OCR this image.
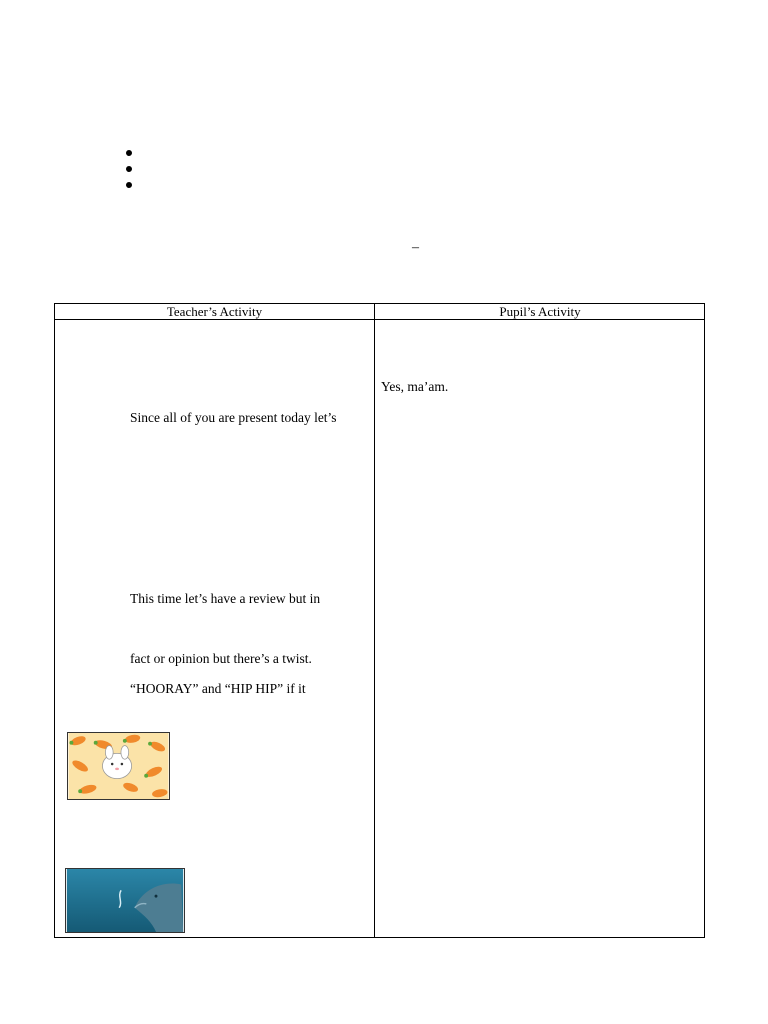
–
Teacher’s Activity	Pupil’s Activity
Since all of you are present today let’s
This time let’s have a review but in
fact or opinion but there’s a twist.
“HOORAY” and “HIP HIP” if it
Yes, ma’am.
